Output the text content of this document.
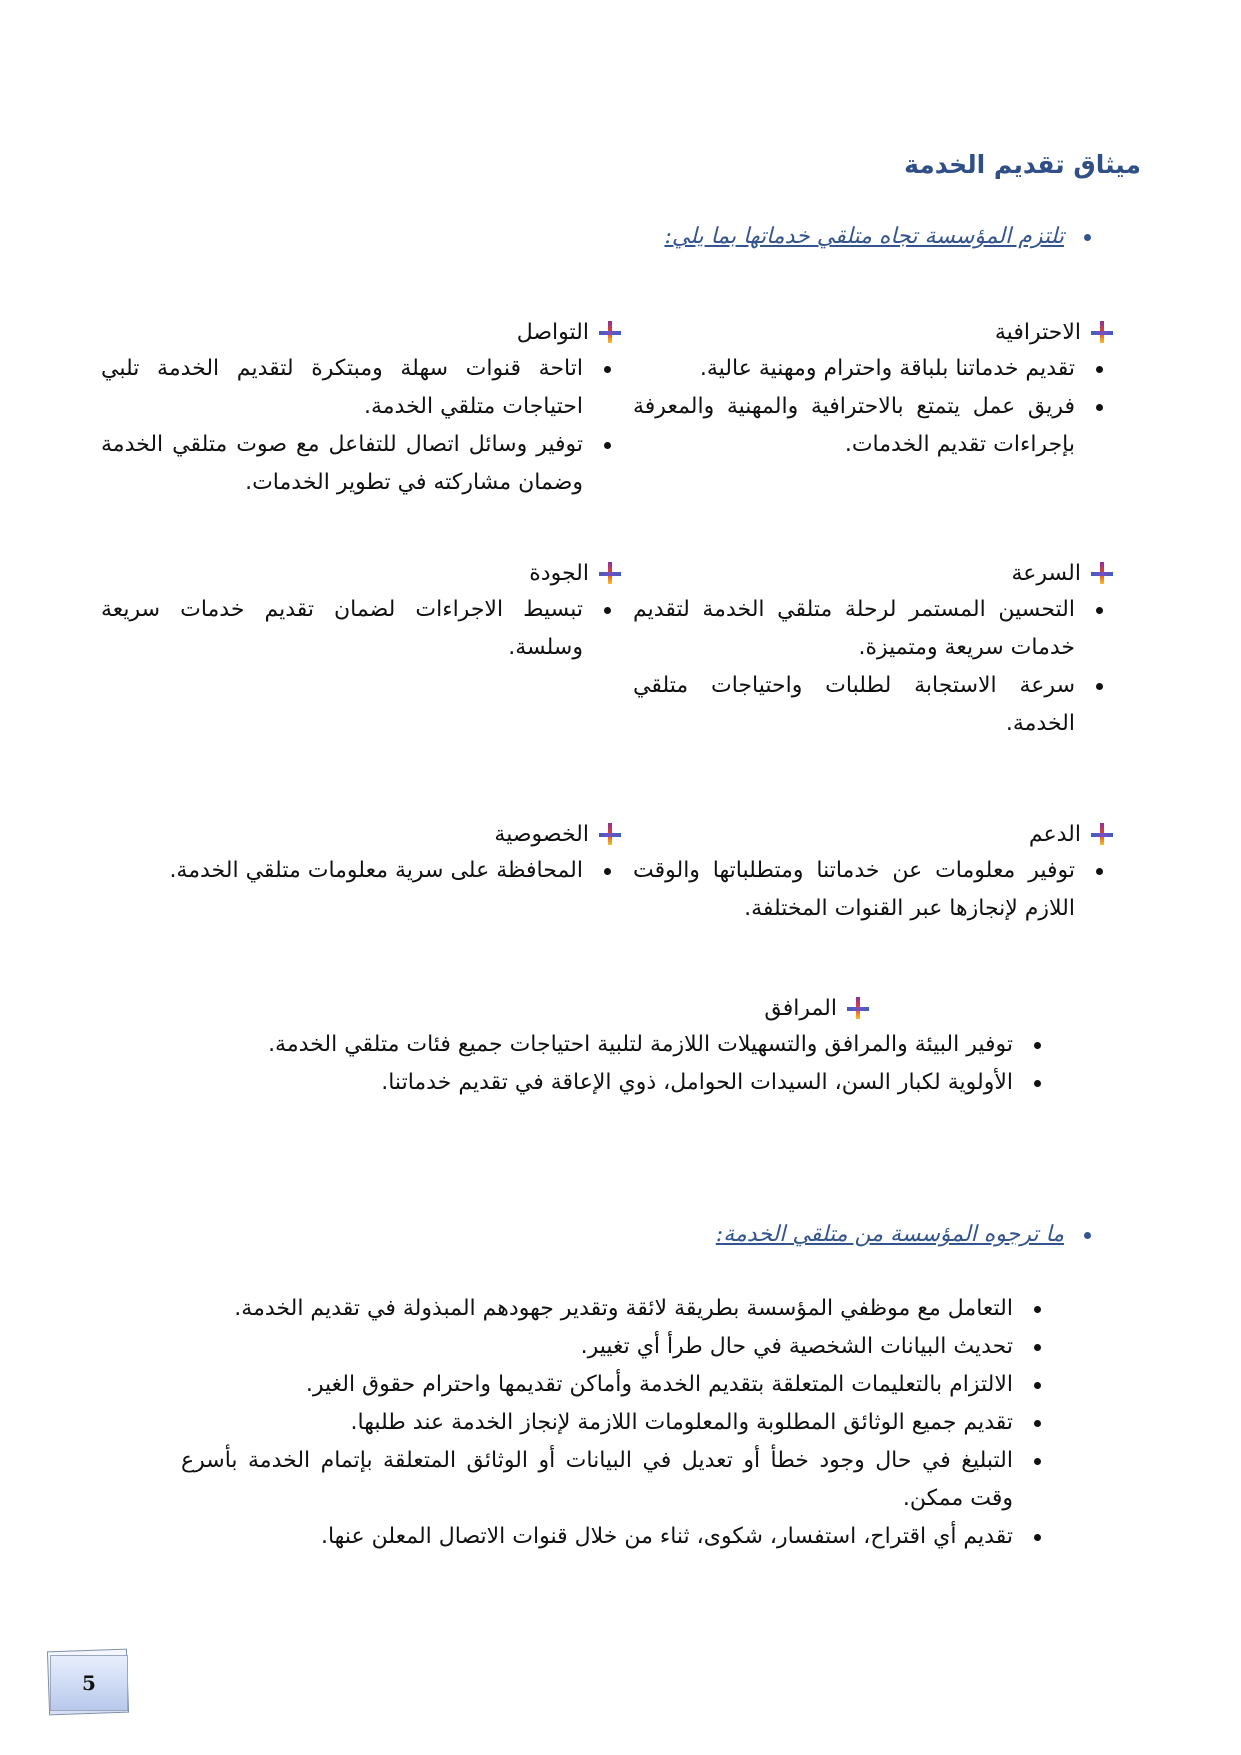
ميثاق تقديم الخدمة
تلتزم المؤسسة تجاه متلقي خدماتها بما يلي:
الاحترافية
تقديم خدماتنا بلباقة واحترام ومهنية عالية.
فريق عمل يتمتع بالاحترافية والمهنية والمعرفة بإجراءات تقديم الخدمات.
التواصل
اتاحة قنوات سهلة ومبتكرة لتقديم الخدمة تلبي احتياجات متلقي الخدمة.
توفير وسائل اتصال للتفاعل مع صوت متلقي الخدمة وضمان مشاركته في تطوير الخدمات.
السرعة
التحسين المستمر لرحلة متلقي الخدمة لتقديم خدمات سريعة ومتميزة.
سرعة الاستجابة لطلبات واحتياجات متلقي الخدمة.
الجودة
تبسيط الاجراءات لضمان تقديم خدمات سريعة وسلسة.
الدعم
توفير معلومات عن خدماتنا ومتطلباتها والوقت اللازم لإنجازها عبر القنوات المختلفة.
الخصوصية
المحافظة على سرية معلومات متلقي الخدمة.
المرافق
توفير البيئة والمرافق والتسهيلات اللازمة لتلبية احتياجات جميع فئات متلقي الخدمة.
الأولوية لكبار السن، السيدات الحوامل، ذوي الإعاقة في تقديم خدماتنا.
ما ترجوه المؤسسة من متلقي الخدمة:
التعامل مع موظفي المؤسسة بطريقة لائقة وتقدير جهودهم المبذولة في تقديم الخدمة.
تحديث البيانات الشخصية في حال طرأ أي تغيير.
الالتزام بالتعليمات المتعلقة بتقديم الخدمة وأماكن تقديمها واحترام حقوق الغير.
تقديم جميع الوثائق المطلوبة والمعلومات اللازمة لإنجاز الخدمة عند طلبها.
التبليغ في حال وجود خطأ أو تعديل في البيانات أو الوثائق المتعلقة بإتمام الخدمة بأسرع وقت ممكن.
تقديم أي اقتراح، استفسار، شكوى، ثناء من خلال قنوات الاتصال المعلن عنها.
5
